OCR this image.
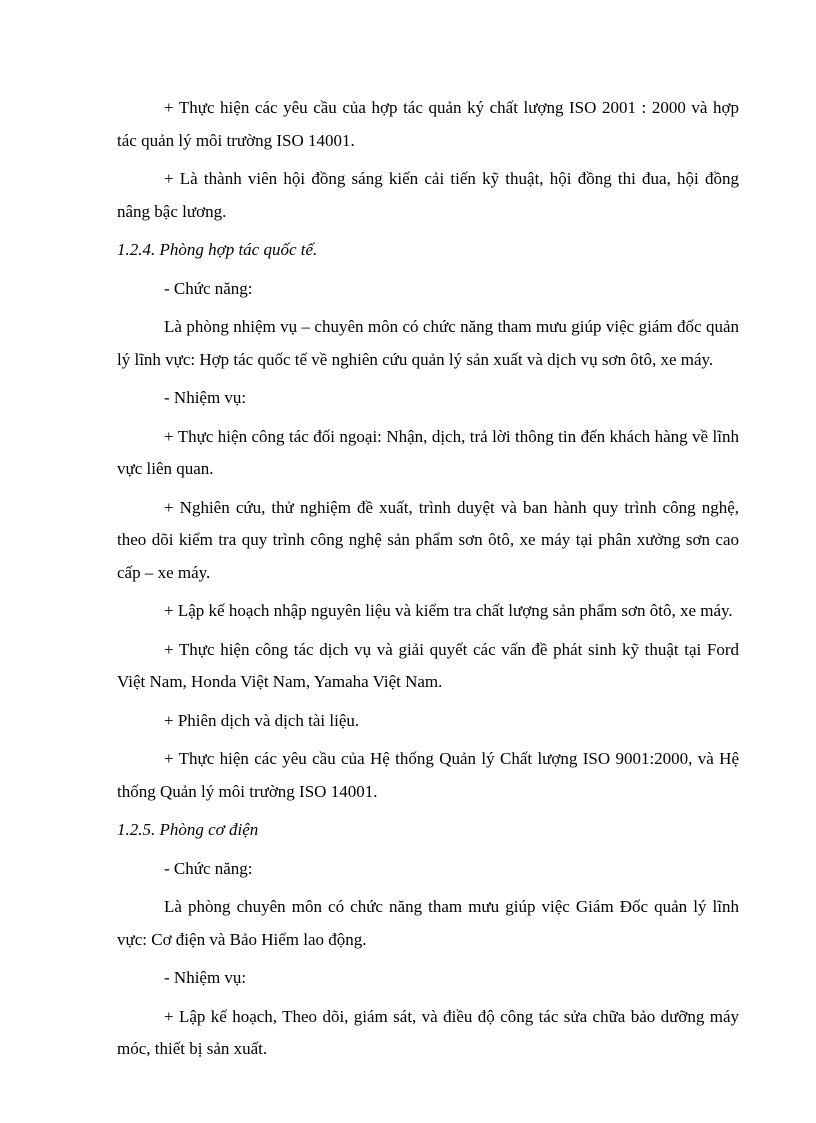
+ Thực hiện các yêu cầu của hợp tác quản ký chất lượng ISO 2001 : 2000 và hợp tác quản lý môi trường ISO 14001.

+ Là thành viên hội đồng sáng kiến cải tiến kỹ thuật, hội đồng thi đua, hội đồng nâng bậc lương.

1.2.4. Phòng hợp tác quốc tế.

- Chức năng:

Là phòng nhiệm vụ – chuyên môn có chức năng tham mưu giúp việc giám đốc quản lý lĩnh vực: Hợp tác quốc tế về nghiên cứu quản lý sản xuất và dịch vụ sơn ôtô, xe máy.

- Nhiệm vụ:

+ Thực hiện công tác đối ngoại: Nhận, dịch, trả lời thông tin đến khách hàng về lĩnh vực liên quan.

+ Nghiên cứu, thử nghiệm đề xuất, trình duyệt và ban hành quy trình công nghệ, theo dõi kiểm tra quy trình công nghệ sản phẩm sơn ôtô, xe máy tại phân xưởng sơn cao cấp – xe máy.

+ Lập kế hoạch nhập nguyên liệu và kiểm tra chất lượng sản phẩm sơn ôtô, xe máy.

+ Thực hiện công tác dịch vụ và giải quyết các vấn đề phát sinh kỹ thuật tại Ford Việt Nam, Honda Việt Nam, Yamaha Việt Nam.

+ Phiên dịch và dịch tài liệu.

+ Thực hiện các yêu cầu của Hệ thống Quản lý Chất lượng ISO 9001:2000, và Hệ thống Quản lý môi trường ISO 14001.

1.2.5. Phòng cơ điện

- Chức năng:

Là phòng chuyên môn có chức năng tham mưu giúp việc Giám Đốc quản lý lĩnh vực: Cơ điện và Bảo Hiểm lao động.

- Nhiệm vụ:

+ Lập kế hoạch, Theo dõi, giám sát, và điều độ công tác sửa chữa bảo dưỡng máy móc, thiết bị sản xuất.
